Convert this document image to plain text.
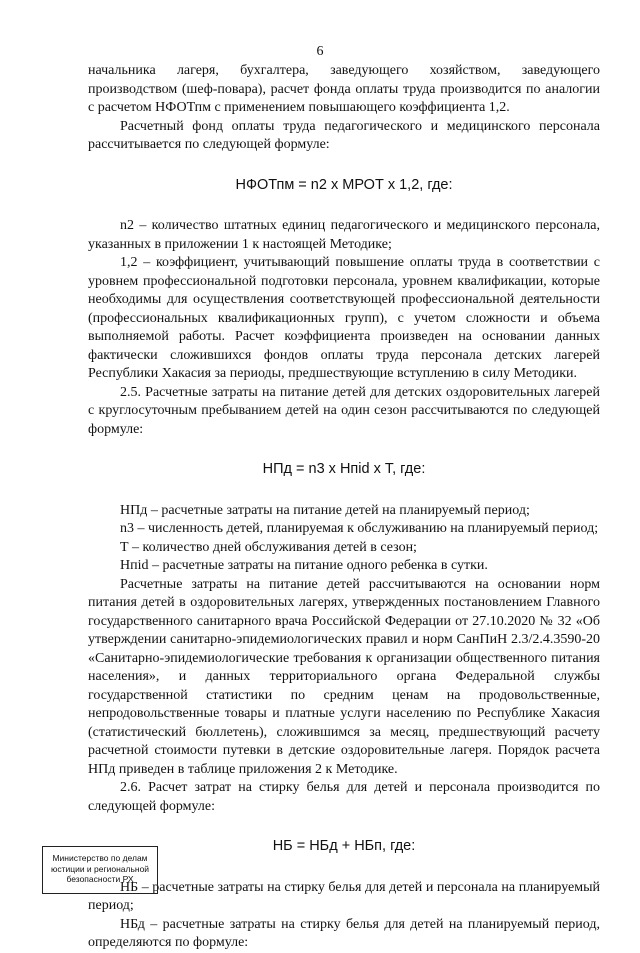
6

начальника лагеря, бухгалтера, заведующего хозяйством, заведующего производством (шеф-повара), расчет фонда оплаты труда производится по аналогии с расчетом НФОТпм с применением повышающего коэффициента 1,2.

Расчетный фонд оплаты труда педагогического и медицинского персонала рассчитывается по следующей формуле:

НФОТпм = n2 х МРОТ х 1,2, где:

n2 – количество штатных единиц педагогического и медицинского персонала, указанных в приложении 1 к настоящей Методике;

1,2 – коэффициент, учитывающий повышение оплаты труда в соответствии с уровнем профессиональной подготовки персонала, уровнем квалификации, которые необходимы для осуществления соответствующей профессиональной деятельности (профессиональных квалификационных групп), с учетом сложности и объема выполняемой работы. Расчет коэффициента произведен на основании данных фактически сложившихся фондов оплаты труда персонала детских лагерей Республики Хакасия за периоды, предшествующие вступлению в силу Методики.

2.5. Расчетные затраты на питание детей для детских оздоровительных лагерей с круглосуточным пребыванием детей на один сезон рассчитываются по следующей формуле:

НПд = n3 х Нпid х Т, где:

НПд – расчетные затраты на питание детей на планируемый период;

n3 – численность детей, планируемая к обслуживанию на планируемый период;

Т – количество дней обслуживания детей в сезон;

Нпid – расчетные затраты на питание одного ребенка в сутки.

Расчетные затраты на питание детей рассчитываются на основании норм питания детей в оздоровительных лагерях, утвержденных постановлением Главного государственного санитарного врача Российской Федерации от 27.10.2020 № 32 «Об утверждении санитарно-эпидемиологических правил и норм СанПиН 2.3/2.4.3590-20 «Санитарно-эпидемиологические требования к организации общественного питания населения», и данных территориального органа Федеральной службы государственной статистики по средним ценам на продовольственные, непродовольственные товары и платные услуги населению по Республике Хакасия (статистический бюллетень), сложившимся за месяц, предшествующий расчету расчетной стоимости путевки в детские оздоровительные лагеря. Порядок расчета НПд приведен в таблице приложения 2 к Методике.

2.6. Расчет затрат на стирку белья для детей и персонала производится по следующей формуле:

НБ = НБд + НБп, где:

НБ – расчетные затраты на стирку белья для детей и персонала на планируемый период;

НБд – расчетные затраты на стирку белья для детей на планируемый период, определяются по формуле:

Министерство по делам
юстиции и региональной
безопасности РХ
